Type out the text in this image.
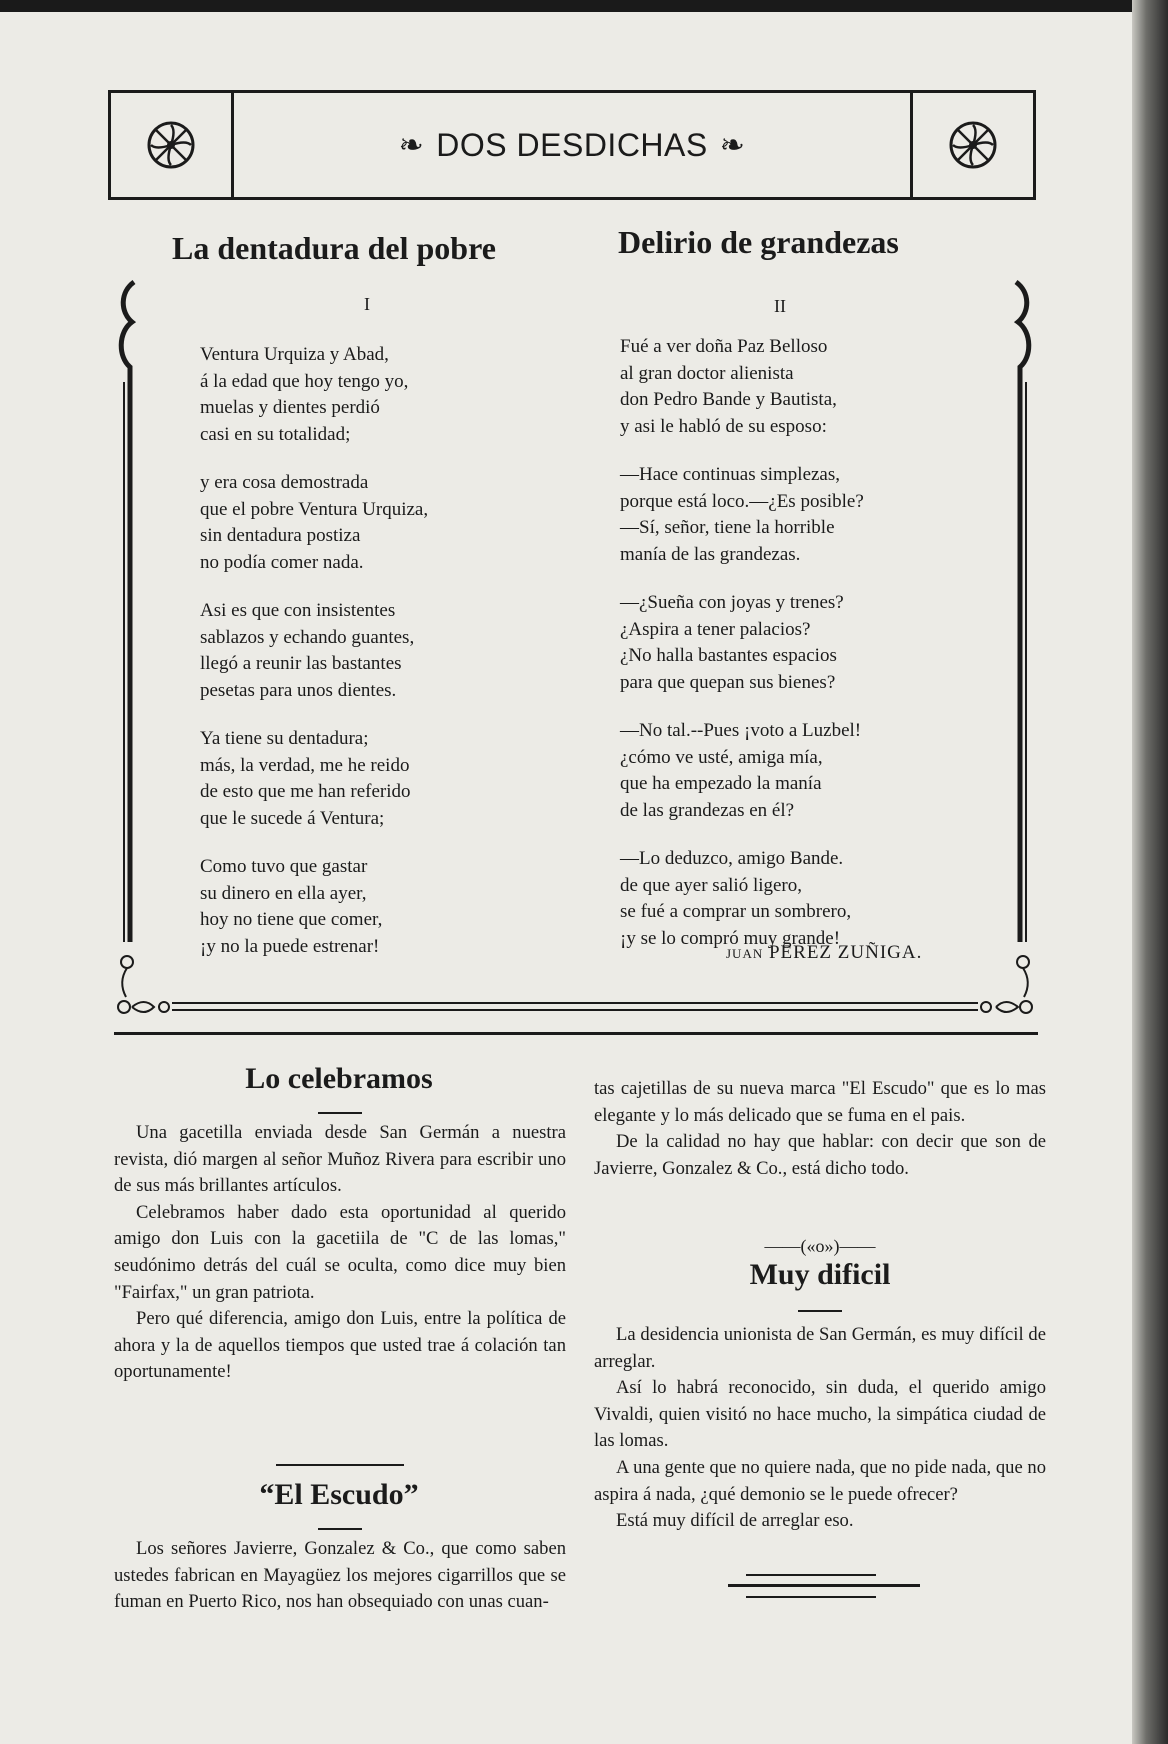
❧ DOS DESDICHAS ❧
La dentadura del pobre
I

Ventura Urquiza y Abad,
á la edad que hoy tengo yo,
muelas y dientes perdió
casi en su totalidad;

y era cosa demostrada
que el pobre Ventura Urquiza,
sin dentadura postiza
no podía comer nada.

Asi es que con insistentes
sablazos y echando guantes,
llegó a reunir las bastantes
pesetas para unos dientes.

Ya tiene su dentadura;
más, la verdad, me he reido
de esto que me han referido
que le sucede á Ventura;

Como tuvo que gastar
su dinero en ella ayer,
hoy no tiene que comer,
¡y no la puede estrenar!

Delirio de grandezas
II

Fué a ver doña Paz Belloso
al gran doctor alienista
don Pedro Bande y Bautista,
y asi le habló de su esposo:

—Hace continuas simplezas,
porque está loco.—¿Es posible?
—Sí, señor, tiene la horrible
manía de las grandezas.

—¿Sueña con joyas y trenes?
¿Aspira a tener palacios?
¿No halla bastantes espacios
para que quepan sus bienes?

—No tal.--Pues ¡voto a Luzbel!
¿cómo ve usté, amiga mía,
que ha empezado la manía
de las grandezas en él?

—Lo deduzco, amigo Bande.
de que ayer salió ligero,
se fué a comprar un sombrero,
¡y se lo compró muy grande!

JUAN PEREZ ZUÑIGA.
Lo celebramos

Una gacetilla enviada desde San Germán a nuestra revista, dió margen al señor Muñoz Rivera para escribir uno de sus más brillantes artículos.

Celebramos haber dado esta oportunidad al querido amigo don Luis con la gacetiila de "C de las lomas," seudónimo detrás del cuál se oculta, como dice muy bien "Fairfax," un gran patriota.

Pero qué diferencia, amigo don Luis, entre la política de ahora y la de aquellos tiempos que usted trae á colación tan oportunamente!

“El Escudo”

Los señores Javierre, Gonzalez & Co., que como saben ustedes fabrican en Mayagüez los mejores cigarrillos que se fuman en Puerto Rico, nos han obsequiado con unas cuan-

tas cajetillas de su nueva marca "El Escudo" que es lo mas elegante y lo más delicado que se fuma en el pais.

De la calidad no hay que hablar: con decir que son de Javierre, Gonzalez & Co., está dicho todo.

——(«o»)——
Muy dificil

La desidencia unionista de San Germán, es muy difícil de arreglar.

Así lo habrá reconocido, sin duda, el querido amigo Vivaldi, quien visitó no hace mucho, la simpática ciudad de las lomas.

A una gente que no quiere nada, que no pide nada, que no aspira á nada, ¿qué demonio se le puede ofrecer?

Está muy difícil de arreglar eso.
